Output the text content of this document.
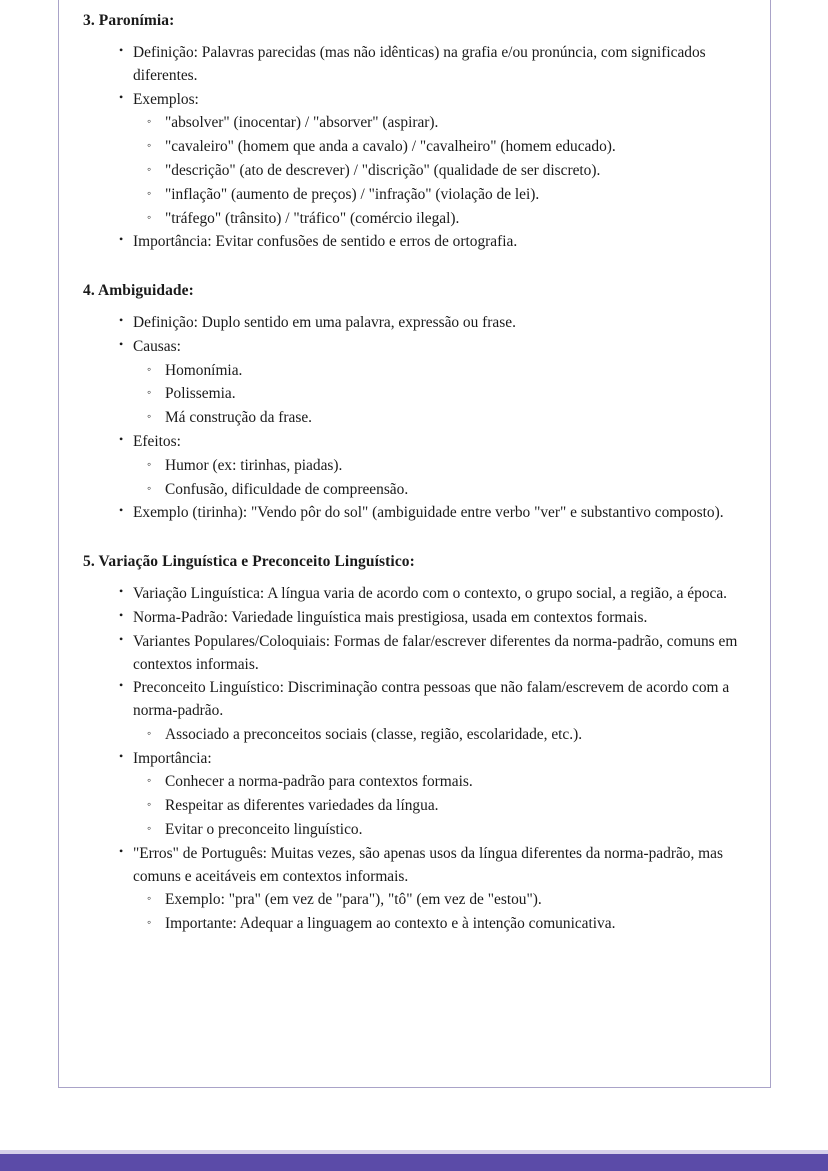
3. Paronímia:
• Definição: Palavras parecidas (mas não idênticas) na grafia e/ou pronúncia, com significados diferentes.
• Exemplos:
◦ "absolver" (inocentar) / "absorver" (aspirar).
◦ "cavaleiro" (homem que anda a cavalo) / "cavalheiro" (homem educado).
◦ "descrição" (ato de descrever) / "discrição" (qualidade de ser discreto).
◦ "inflação" (aumento de preços) / "infração" (violação de lei).
◦ "tráfego" (trânsito) / "tráfico" (comércio ilegal).
• Importância: Evitar confusões de sentido e erros de ortografia.
4. Ambiguidade:
• Definição: Duplo sentido em uma palavra, expressão ou frase.
• Causas:
◦ Homonímia.
◦ Polissemia.
◦ Má construção da frase.
• Efeitos:
◦ Humor (ex: tirinhas, piadas).
◦ Confusão, dificuldade de compreensão.
• Exemplo (tirinha): "Vendo pôr do sol" (ambiguidade entre verbo "ver" e substantivo composto).
5. Variação Linguística e Preconceito Linguístico:
• Variação Linguística: A língua varia de acordo com o contexto, o grupo social, a região, a época.
• Norma-Padrão: Variedade linguística mais prestigiosa, usada em contextos formais.
• Variantes Populares/Coloquiais: Formas de falar/escrever diferentes da norma-padrão, comuns em contextos informais.
• Preconceito Linguístico: Discriminação contra pessoas que não falam/escrevem de acordo com a norma-padrão.
◦ Associado a preconceitos sociais (classe, região, escolaridade, etc.).
• Importância:
◦ Conhecer a norma-padrão para contextos formais.
◦ Respeitar as diferentes variedades da língua.
◦ Evitar o preconceito linguístico.
• "Erros" de Português: Muitas vezes, são apenas usos da língua diferentes da norma-padrão, mas comuns e aceitáveis em contextos informais.
◦ Exemplo: "pra" (em vez de "para"), "tô" (em vez de "estou").
◦ Importante: Adequar a linguagem ao contexto e à intenção comunicativa.
